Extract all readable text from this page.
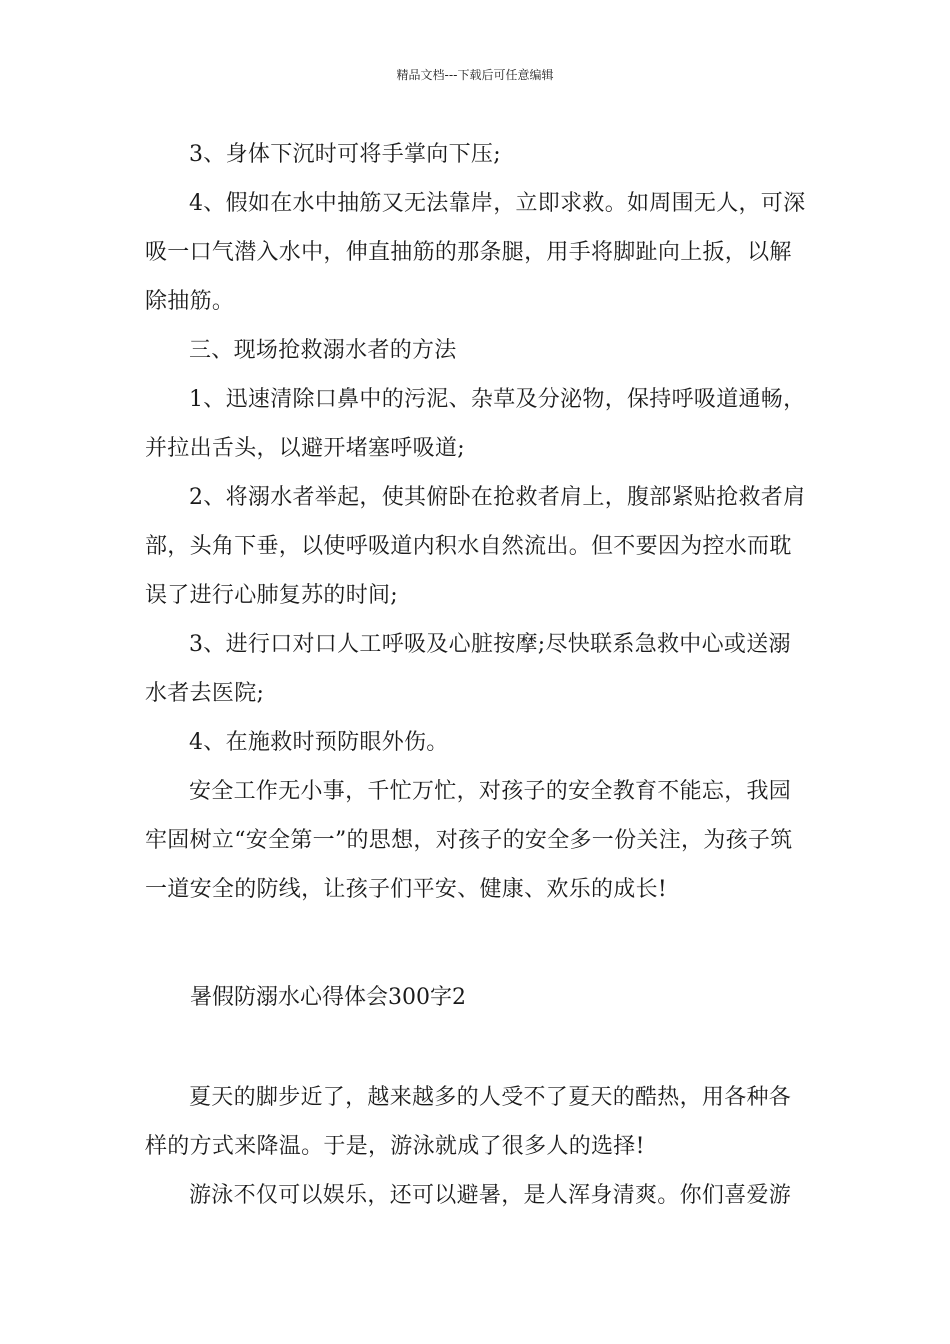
精品文档---下载后可任意编辑

3、身体下沉时可将手掌向下压;

4、假如在水中抽筋又无法靠岸，立即求救。如周围无人，可深吸一口气潜入水中，伸直抽筋的那条腿，用手将脚趾向上扳，以解除抽筋。

三、现场抢救溺水者的方法

1、迅速清除口鼻中的污泥、杂草及分泌物，保持呼吸道通畅，并拉出舌头，以避开堵塞呼吸道;

2、将溺水者举起，使其俯卧在抢救者肩上，腹部紧贴抢救者肩部，头角下垂，以使呼吸道内积水自然流出。但不要因为控水而耽误了进行心肺复苏的时间;

3、进行口对口人工呼吸及心脏按摩;尽快联系急救中心或送溺水者去医院;

4、在施救时预防眼外伤。

安全工作无小事，千忙万忙，对孩子的安全教育不能忘，我园牢固树立“安全第一”的思想，对孩子的安全多一份关注，为孩子筑一道安全的防线，让孩子们平安、健康、欢乐的成长!

暑假防溺水心得体会300字2

夏天的脚步近了，越来越多的人受不了夏天的酷热，用各种各样的方式来降温。于是，游泳就成了很多人的选择!

游泳不仅可以娱乐，还可以避暑，是人浑身清爽。你们喜爱游
